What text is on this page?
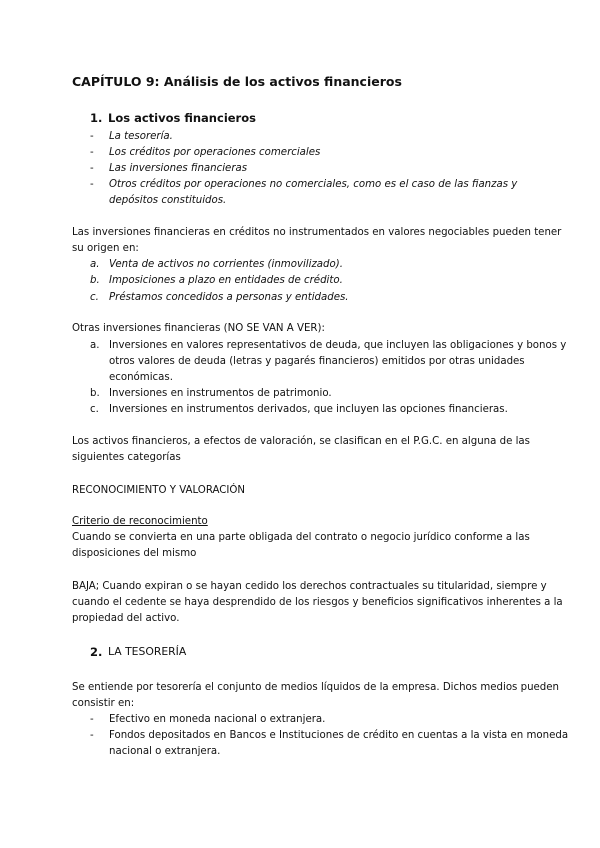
CAPÍTULO 9: Análisis de los activos financieros
1. Los activos financieros
- La tesorería.
- Los créditos por operaciones comerciales
- Las inversiones financieras
- Otros créditos por operaciones no comerciales, como es el caso de las fianzas y
depósitos constituidos.
Las inversiones financieras en créditos no instrumentados en valores negociables pueden tener
su origen en:
a. Venta de activos no corrientes (inmovilizado).
b. Imposiciones a plazo en entidades de crédito.
c. Préstamos concedidos a personas y entidades.
Otras inversiones financieras (NO SE VAN A VER):
a. Inversiones en valores representativos de deuda, que incluyen las obligaciones y bonos y
otros valores de deuda (letras y pagarés financieros) emitidos por otras unidades
económicas.
b. Inversiones en instrumentos de patrimonio.
c. Inversiones en instrumentos derivados, que incluyen las opciones financieras.
Los activos financieros, a efectos de valoración, se clasifican en el P.G.C. en alguna de las
siguientes categorías
RECONOCIMIENTO Y VALORACIÓN
Criterio de reconocimiento
Cuando se convierta en una parte obligada del contrato o negocio jurídico conforme a las
disposiciones del mismo
BAJA; Cuando expiran o se hayan cedido los derechos contractuales su titularidad, siempre y
cuando el cedente se haya desprendido de los riesgos y beneficios significativos inherentes a la
propiedad del activo.
2. LA TESORERÍA
Se entiende por tesorería el conjunto de medios líquidos de la empresa. Dichos medios pueden
consistir en:
- Efectivo en moneda nacional o extranjera.
- Fondos depositados en Bancos e Instituciones de crédito en cuentas a la vista en moneda
nacional o extranjera.
